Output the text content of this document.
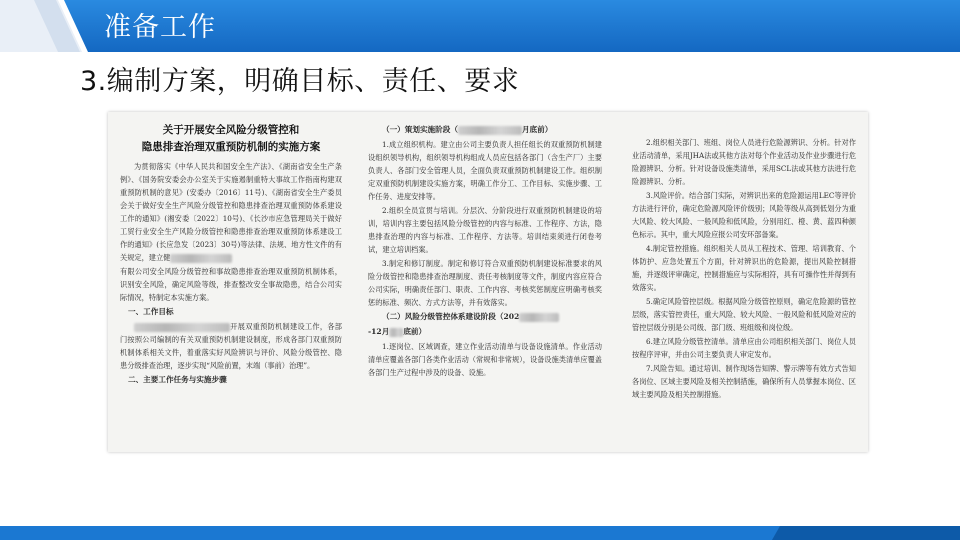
准备工作
3.编制方案，明确目标、责任、要求
关于开展安全风险分级管控和
隐患排查治理双重预防机制的实施方案

为贯彻落实《中华人民共和国安全生产法》、《湖南省安全生产条例》、《国务院安委会办公室关于实施遏制重特大事故工作指南构建双重预防机制的意见》(安委办〔2016〕11号)、《湖南省安全生产委员会关于做好安全生产风险分级管控和隐患排查治理双重预防体系建设工作的通知》(湘安委〔2022〕10号)、《长沙市应急管理局关于做好工贸行业安全生产风险分级管控和隐患排查治理双重预防体系建设工作的通知》(长应急发〔2023〕30号)等法律、法规、地方性文件的有关规定，建立健

有限公司安全风险分级管控和事故隐患排查治理双重预防机制体系，识别安全风险，确定风险等级，排查整改安全事故隐患，结合公司实际情况，特制定本实施方案。

一、工作目标

开展双重预防机制建设工作，各部门按照公司编制的有关双重预防机制建设制度，形成各部门双重预防机制体系相关文件，着重落实好风险辨识与评价、风险分级管控、隐患分级排查治理，逐步实现“风险前置，末端（事前）治理”。

二、主要工作任务与实施步骤
（一）策划实施阶段（	月底前）

1.成立组织机构。建立由公司主要负责人担任组长的双重预防机制建设组织领导机构，组织领导机构组成人员应包括各部门（含生产厂）主要负责人、各部门安全管理人员，全面负责双重预防机制建设工作。组织制定双重预防机制建设实施方案，明确工作分工、工作目标、实施步骤、工作任务、进度安排等。

2.组织全员宣贯与培训。分层次、分阶段进行双重预防机制建设的培训，培训内容主要包括风险分级管控的内容与标准、工作程序、方法，隐患排查治理的内容与标准、工作程序、方法等。培训结束须进行闭卷考试，建立培训档案。

3.制定和修订制度。制定和修订符合双重预防机制建设标准要求的风险分级管控和隐患排查治理制度、责任考核制度等文件，制度内容应符合公司实际，明确责任部门、职责、工作内容、考核奖惩制度应明确考核奖惩的标准、频次、方式方法等，并有效落实。

（二）风险分级管控体系建设阶段（202
-12月 底前）

1.逐岗位、区域调查，建立作业活动清单与设备设施清单。作业活动清单应覆盖各部门各类作业活动（常规和非常规），设备设施类清单应覆盖各部门生产过程中涉及的设备、设施。

2.组织相关部门、班组、岗位人员进行危险源辨识、分析。针对作业活动清单，采用JHA法或其他方法对每个作业活动及作业步骤进行危险源辨识、分析。针对设备设施类清单，采用SCL法或其他方法进行危险源辨识、分析。

3.风险评价。结合部门实际，对辨识出来的危险源运用LEC等评价方法进行评价，确定危险源风险评价级别；风险等级从高到低划分为重大风险、较大风险、一般风险和低风险，分别用红、橙、黄、蓝四种颜色标示。其中，重大风险应报公司安环部备案。

4.制定管控措施。组织相关人员从工程技术、管理、培训教育、个体防护、应急处置五个方面，针对辨识出的危险源，提出风险控制措施，并逐级评审确定，控制措施应与实际相符，具有可操作性并得到有效落实。

5.确定风险管控层级。根据风险分级管控原则，确定危险源的管控层级，落实管控责任，重大风险、较大风险、一般风险和低风险对应的管控层级分别是公司级、部门级、班组级和岗位级。

6.建立风险分级管控清单。清单应由公司组织相关部门、岗位人员按程序评审，并由公司主要负责人审定发布。

7.风险告知。通过培训、制作现场告知牌、警示牌等有效方式告知各岗位、区域主要风险及相关控制措施，确保所有人员掌握本岗位、区域主要风险及相关控制措施。
